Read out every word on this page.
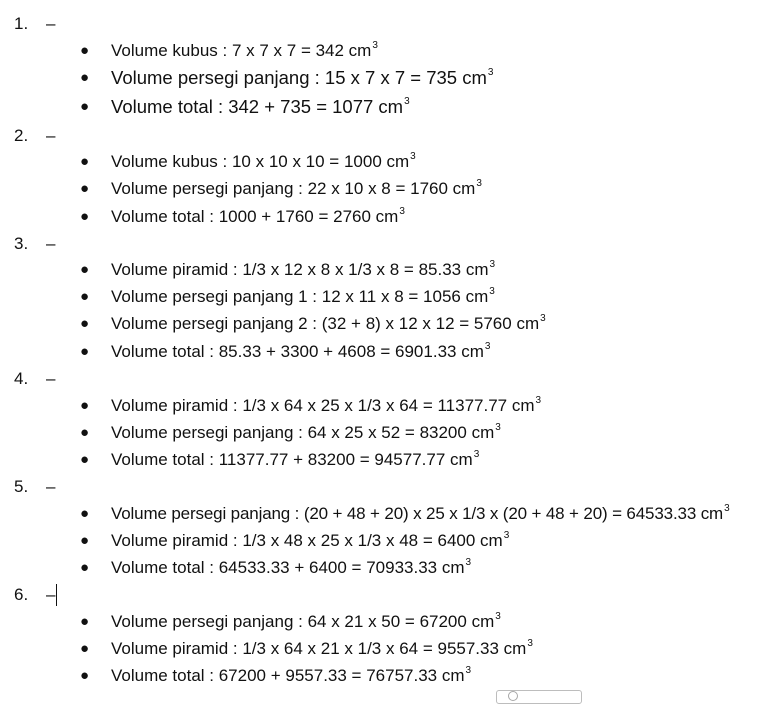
1. –
● Volume kubus : 7 x 7 x 7 = 342 $cm^3$
● Volume persegi panjang : 15 x 7 x 7 = 735 $cm^3$
● Volume total : 342 + 735 = 1077 $cm^3$
2. –
● Volume kubus : 10 x 10 x 10 = 1000 $cm^3$
● Volume persegi panjang : 22 x 10 x 8 = 1760 $cm^3$
● Volume total : 1000 + 1760 = 2760 $cm^3$
3. –
● Volume piramid : 1/3 x 12 x 8 x 1/3 x 8 = 85.33 $cm^3$
● Volume persegi panjang 1 : 12 x 11 x 8 = 1056 $cm^3$
● Volume persegi panjang 2 : (32 + 8) x 12 x 12 = 5760 $cm^3$
● Volume total : 85.33 + 3300 + 4608 = 6901.33 $cm^3$
4. –
● Volume piramid : 1/3 x 64 x 25 x 1/3 x 64 = 11377.77 $cm^3$
● Volume persegi panjang : 64 x 25 x 52 = 83200 $cm^3$
● Volume total : 11377.77 + 83200 = 94577.77 $cm^3$
5. –
● Volume persegi panjang : (20 + 48 + 20) x 25 x 1/3 x (20 + 48 + 20) = 64533.33 $cm^3$
● Volume piramid : 1/3 x 48 x 25 x 1/3 x 48 = 6400 $cm^3$
● Volume total : 64533.33 + 6400 = 70933.33 $cm^3$
6. –
● Volume persegi panjang : 64 x 21 x 50 = 67200 $cm^3$
● Volume piramid : 1/3 x 64 x 21 x 1/3 x 64 = 9557.33 $cm^3$
● Volume total : 67200 + 9557.33 = 76757.33 $cm^3$
